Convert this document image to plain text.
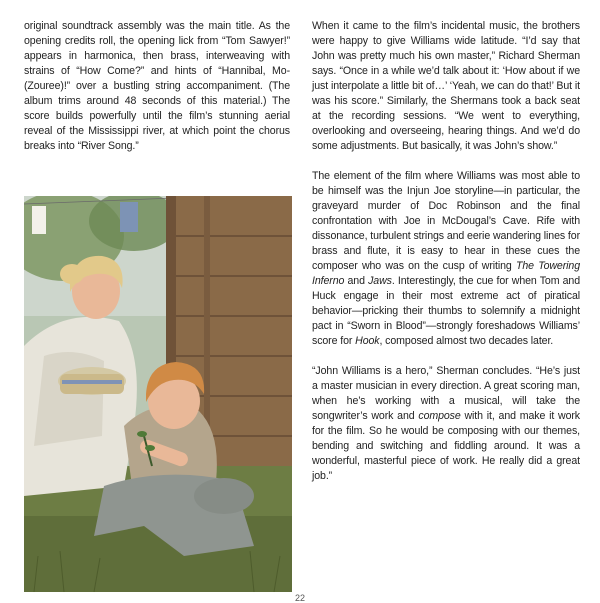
original soundtrack assembly was the main title. As the opening credits roll, the opening lick from “Tom Sawyer!” appears in harmonica, then brass, interweaving with strains of “How Come?” and hints of “Hannibal, Mo-(Zouree)!” over a bustling string accompaniment. (The album trims around 48 seconds of this material.) The score builds powerfully until the film’s stunning aerial reveal of the Mississippi river, at which point the chorus breaks into “River Song.”

When it came to the film’s incidental music, the brothers were happy to give Williams wide latitude. “I’d say that John was pretty much his own master,” Richard Sherman says. “Once in a while we’d talk about it: ‘How about if we just interpolate a little bit of…’ ‘Yeah, we can do that!’ But it was his score.” Similarly, the Shermans took a back seat at the recording sessions. “We went to everything, overlooking and overseeing, hearing things. And we’d do some adjustments. But basically, it was John’s show.”

The element of the film where Williams was most able to be himself was the Injun Joe storyline—in particular, the graveyard murder of Doc Robinson and the final confrontation with Joe in McDougal’s Cave. Rife with dissonance, turbulent strings and eerie wandering lines for brass and flute, it is easy to hear in these cues the composer who was on the cusp of writing The Towering Inferno and Jaws. Interestingly, the cue for when Tom and Huck engage in their most extreme act of piratical behavior—pricking their thumbs to solemnify a midnight pact in “Sworn in Blood”—strongly foreshadows Williams’ score for Hook, composed almost two decades later.

“John Williams is a hero,” Sherman concludes. “He’s just a master musician in every direction. A great scoring man, when he’s working with a musical, will take the songwriter’s work and compose with it, and make it work for the film. So he would be composing with our themes, bending and switching and fiddling around. It was a wonderful, masterful piece of work. He really did a great job.”

22
